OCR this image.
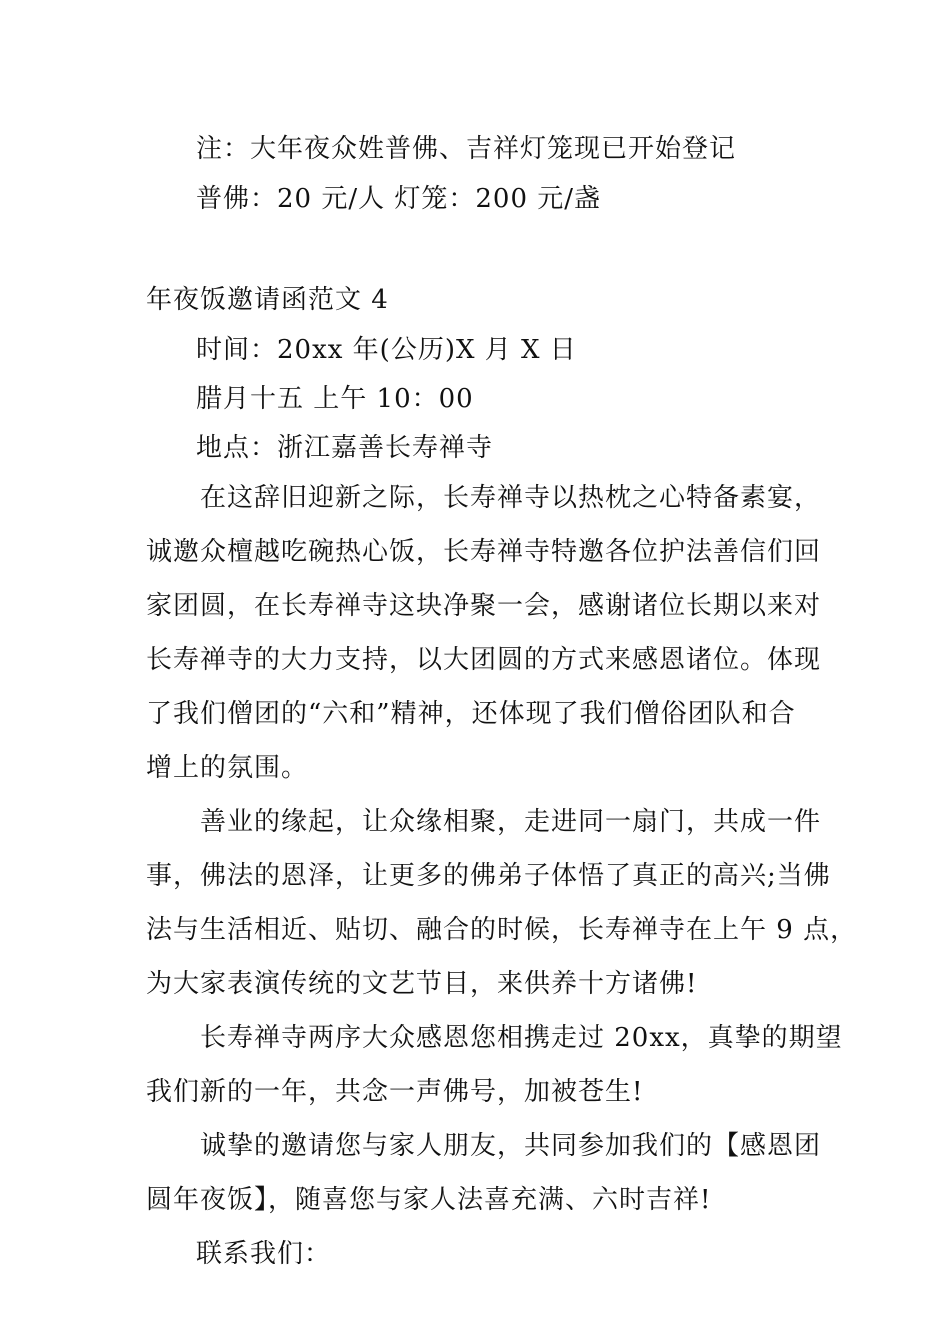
注：大年夜众姓普佛、吉祥灯笼现已开始登记

普佛：20 元/人 灯笼：200 元/盏

年夜饭邀请函范文 4

时间：20xx 年(公历)X 月 X 日

腊月十五 上午 10：00

地点：浙江嘉善长寿禅寺

在这辞旧迎新之际，长寿禅寺以热枕之心特备素宴，

诚邀众檀越吃碗热心饭，长寿禅寺特邀各位护法善信们回

家团圆，在长寿禅寺这块净聚一会，感谢诸位长期以来对

长寿禅寺的大力支持，以大团圆的方式来感恩诸位。体现

了我们僧团的“六和”精神，还体现了我们僧俗团队和合

增上的氛围。

善业的缘起，让众缘相聚，走进同一扇门，共成一件

事，佛法的恩泽，让更多的佛弟子体悟了真正的高兴;当佛

法与生活相近、贴切、融合的时候，长寿禅寺在上午 9 点，

为大家表演传统的文艺节目，来供养十方诸佛!

长寿禅寺两序大众感恩您相携走过 20xx，真挚的期望

我们新的一年，共念一声佛号，加被苍生!

诚挚的邀请您与家人朋友，共同参加我们的【感恩团

圆年夜饭】，随喜您与家人法喜充满、六时吉祥!

联系我们：
